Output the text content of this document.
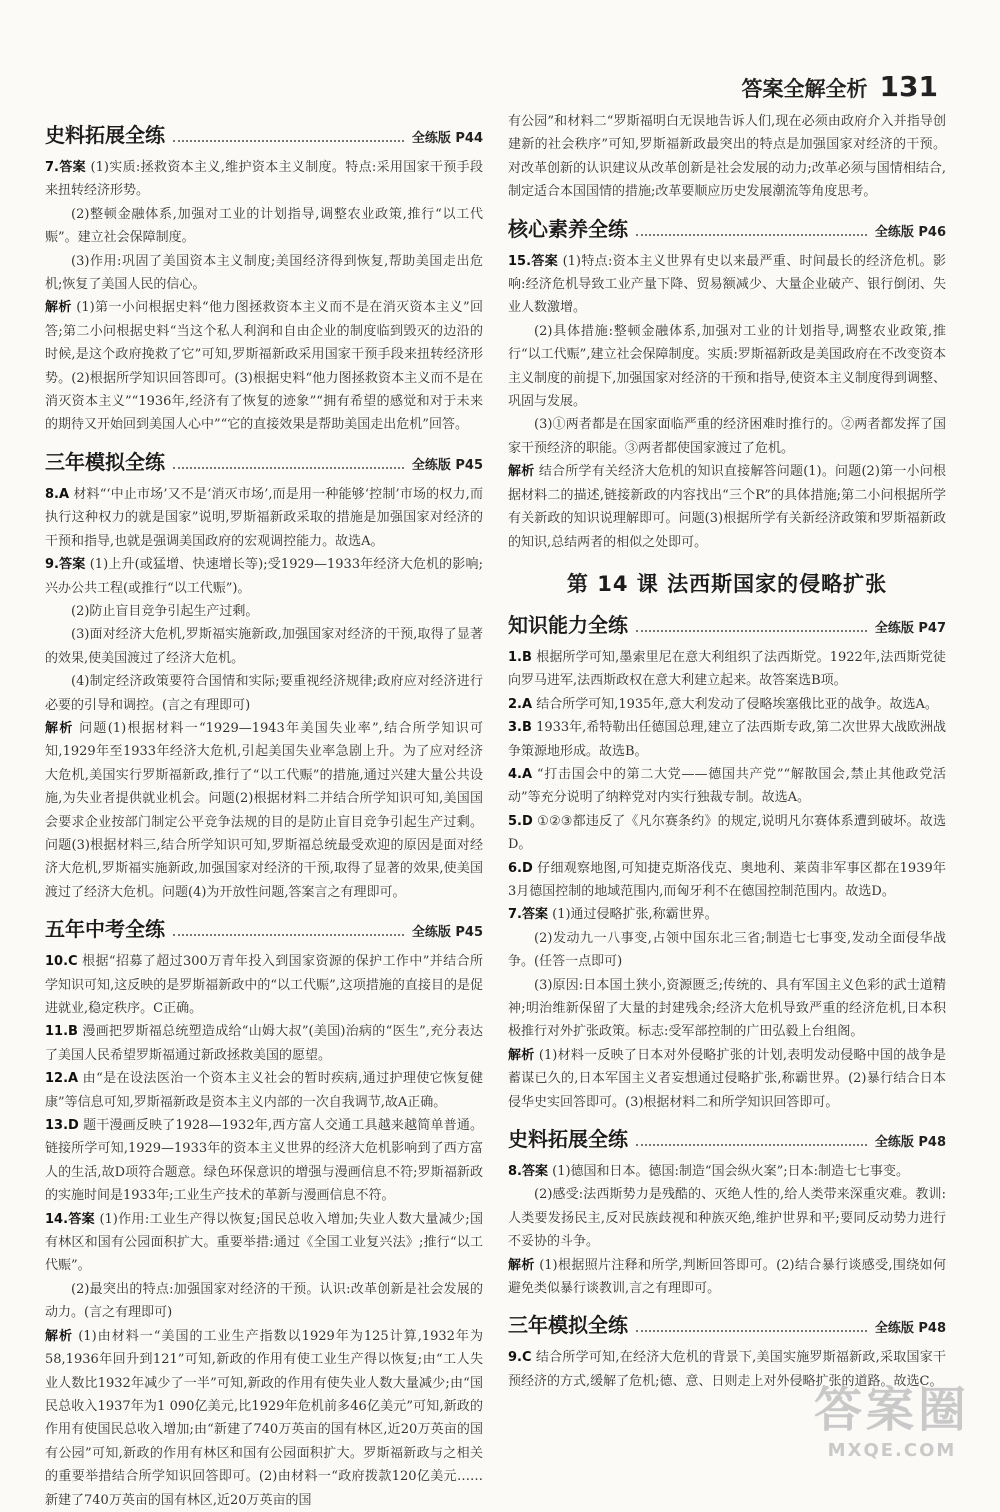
答案全解全析 131
史料拓展全练	全练版 P44

7.答案 (1)实质:拯救资本主义,维护资本主义制度。特点:采用国家干预手段来扭转经济形势。

(2)整顿金融体系,加强对工业的计划指导,调整农业政策,推行“以工代赈”。建立社会保障制度。

(3)作用:巩固了美国资本主义制度;美国经济得到恢复,帮助美国走出危机;恢复了美国人民的信心。

解析 (1)第一小问根据史料“他力图拯救资本主义而不是在消灭资本主义”回答;第二小问根据史料“当这个私人利润和自由企业的制度临到毁灭的边沿的时候,是这个政府挽救了它”可知,罗斯福新政采用国家干预手段来扭转经济形势。(2)根据所学知识回答即可。(3)根据史料“他力图拯救资本主义而不是在消灭资本主义”“1936年,经济有了恢复的迹象”“拥有希望的感觉和对于未来的期待又开始回到美国人心中”“它的直接效果是帮助美国走出危机”回答。

三年模拟全练	全练版 P45

8.A 材料“‘中止市场’又不是‘消灭市场’,而是用一种能够‘控制’市场的权力,而执行这种权力的就是国家”说明,罗斯福新政采取的措施是加强国家对经济的干预和指导,也就是强调美国政府的宏观调控能力。故选A。

9.答案 (1)上升(或猛增、快速增长等);受1929—1933年经济大危机的影响;兴办公共工程(或推行“以工代赈”)。

(2)防止盲目竞争引起生产过剩。

(3)面对经济大危机,罗斯福实施新政,加强国家对经济的干预,取得了显著的效果,使美国渡过了经济大危机。

(4)制定经济政策要符合国情和实际;要重视经济规律;政府应对经济进行必要的引导和调控。(言之有理即可)

解析 问题(1)根据材料一“1929—1943年美国失业率”,结合所学知识可知,1929年至1933年经济大危机,引起美国失业率急剧上升。为了应对经济大危机,美国实行罗斯福新政,推行了“以工代赈”的措施,通过兴建大量公共设施,为失业者提供就业机会。问题(2)根据材料二并结合所学知识可知,美国国会要求企业按部门制定公平竞争法规的目的是防止盲目竞争引起生产过剩。问题(3)根据材料三,结合所学知识可知,罗斯福总统最受欢迎的原因是面对经济大危机,罗斯福实施新政,加强国家对经济的干预,取得了显著的效果,使美国渡过了经济大危机。问题(4)为开放性问题,答案言之有理即可。

五年中考全练	全练版 P45

10.C 根据“招募了超过300万青年投入到国家资源的保护工作中”并结合所学知识可知,这反映的是罗斯福新政中的“以工代赈”,这项措施的直接目的是促进就业,稳定秩序。C正确。

11.B 漫画把罗斯福总统塑造成给“山姆大叔”(美国)治病的“医生”,充分表达了美国人民希望罗斯福通过新政拯救美国的愿望。

12.A 由“是在设法医治一个资本主义社会的暂时疾病,通过护理使它恢复健康”等信息可知,罗斯福新政是资本主义内部的一次自我调节,故A正确。

13.D 题干漫画反映了1928—1932年,西方富人交通工具越来越简单普通。链接所学可知,1929—1933年的资本主义世界的经济大危机影响到了西方富人的生活,故D项符合题意。绿色环保意识的增强与漫画信息不符;罗斯福新政的实施时间是1933年;工业生产技术的革新与漫画信息不符。

14.答案 (1)作用:工业生产得以恢复;国民总收入增加;失业人数大量减少;国有林区和国有公园面积扩大。重要举措:通过《全国工业复兴法》;推行“以工代赈”。

(2)最突出的特点:加强国家对经济的干预。认识:改革创新是社会发展的动力。(言之有理即可)

解析 (1)由材料一“美国的工业生产指数以1929年为125计算,1932年为58,1936年回升到121”可知,新政的作用有使工业生产得以恢复;由“工人失业人数比1932年减少了一半”可知,新政的作用有使失业人数大量减少;由“国民总收入1937年为1 090亿美元,比1929年危机前多46亿美元”可知,新政的作用有使国民总收入增加;由“新建了740万英亩的国有林区,近20万英亩的国有公园”可知,新政的作用有林区和国有公园面积扩大。罗斯福新政与之相关的重要举措结合所学知识回答即可。(2)由材料一“政府拨款120亿美元……新建了740万英亩的国有林区,近20万英亩的国

有公园”和材料二“罗斯福明白无误地告诉人们,现在必须由政府介入并指导创建新的社会秩序”可知,罗斯福新政最突出的特点是加强国家对经济的干预。对改革创新的认识建议从改革创新是社会发展的动力;改革必须与国情相结合,制定适合本国国情的措施;改革要顺应历史发展潮流等角度思考。

核心素养全练	全练版 P46

15.答案 (1)特点:资本主义世界有史以来最严重、时间最长的经济危机。影响:经济危机导致工业产量下降、贸易额减少、大量企业破产、银行倒闭、失业人数激增。

(2)具体措施:整顿金融体系,加强对工业的计划指导,调整农业政策,推行“以工代赈”,建立社会保障制度。实质:罗斯福新政是美国政府在不改变资本主义制度的前提下,加强国家对经济的干预和指导,使资本主义制度得到调整、巩固与发展。

(3)①两者都是在国家面临严重的经济困难时推行的。②两者都发挥了国家干预经济的职能。③两者都使国家渡过了危机。

解析 结合所学有关经济大危机的知识直接解答问题(1)。问题(2)第一小问根据材料二的描述,链接新政的内容找出“三个R”的具体措施;第二小问根据所学有关新政的知识说理解即可。问题(3)根据所学有关新经济政策和罗斯福新政的知识,总结两者的相似之处即可。

第 14 课 法西斯国家的侵略扩张
知识能力全练	全练版 P47

1.B 根据所学可知,墨索里尼在意大利组织了法西斯党。1922年,法西斯党徒向罗马进军,法西斯政权在意大利建立起来。故答案选B项。

2.A 结合所学可知,1935年,意大利发动了侵略埃塞俄比亚的战争。故选A。

3.B 1933年,希特勒出任德国总理,建立了法西斯专政,第二次世界大战欧洲战争策源地形成。故选B。

4.A “打击国会中的第二大党——德国共产党”“解散国会,禁止其他政党活动”等充分说明了纳粹党对内实行独裁专制。故选A。

5.D ①②③都违反了《凡尔赛条约》的规定,说明凡尔赛体系遭到破坏。故选D。

6.D 仔细观察地图,可知捷克斯洛伐克、奥地利、莱茵非军事区都在1939年3月德国控制的地域范围内,而匈牙利不在德国控制范围内。故选D。

7.答案 (1)通过侵略扩张,称霸世界。

(2)发动九一八事变,占领中国东北三省;制造七七事变,发动全面侵华战争。(任答一点即可)

(3)原因:日本国土狭小,资源匮乏;传统的、具有军国主义色彩的武士道精神;明治维新保留了大量的封建残余;经济大危机导致严重的经济危机,日本积极推行对外扩张政策。标志:受军部控制的广田弘毅上台组阁。

解析 (1)材料一反映了日本对外侵略扩张的计划,表明发动侵略中国的战争是蓄谋已久的,日本军国主义者妄想通过侵略扩张,称霸世界。(2)暴行结合日本侵华史实回答即可。(3)根据材料二和所学知识回答即可。

史料拓展全练	全练版 P48

8.答案 (1)德国和日本。德国:制造“国会纵火案”;日本:制造七七事变。

(2)感受:法西斯势力是残酷的、灭绝人性的,给人类带来深重灾难。教训:人类要发扬民主,反对民族歧视和种族灭绝,维护世界和平;要同反动势力进行不妥协的斗争。

解析 (1)根据照片注释和所学,判断回答即可。(2)结合暴行谈感受,围绕如何避免类似暴行谈教训,言之有理即可。

三年模拟全练	全练版 P48

9.C 结合所学可知,在经济大危机的背景下,美国实施罗斯福新政,采取国家干预经济的方式,缓解了危机;德、意、日则走上对外侵略扩张的道路。故选C。

答案圈
MXQE.COM
